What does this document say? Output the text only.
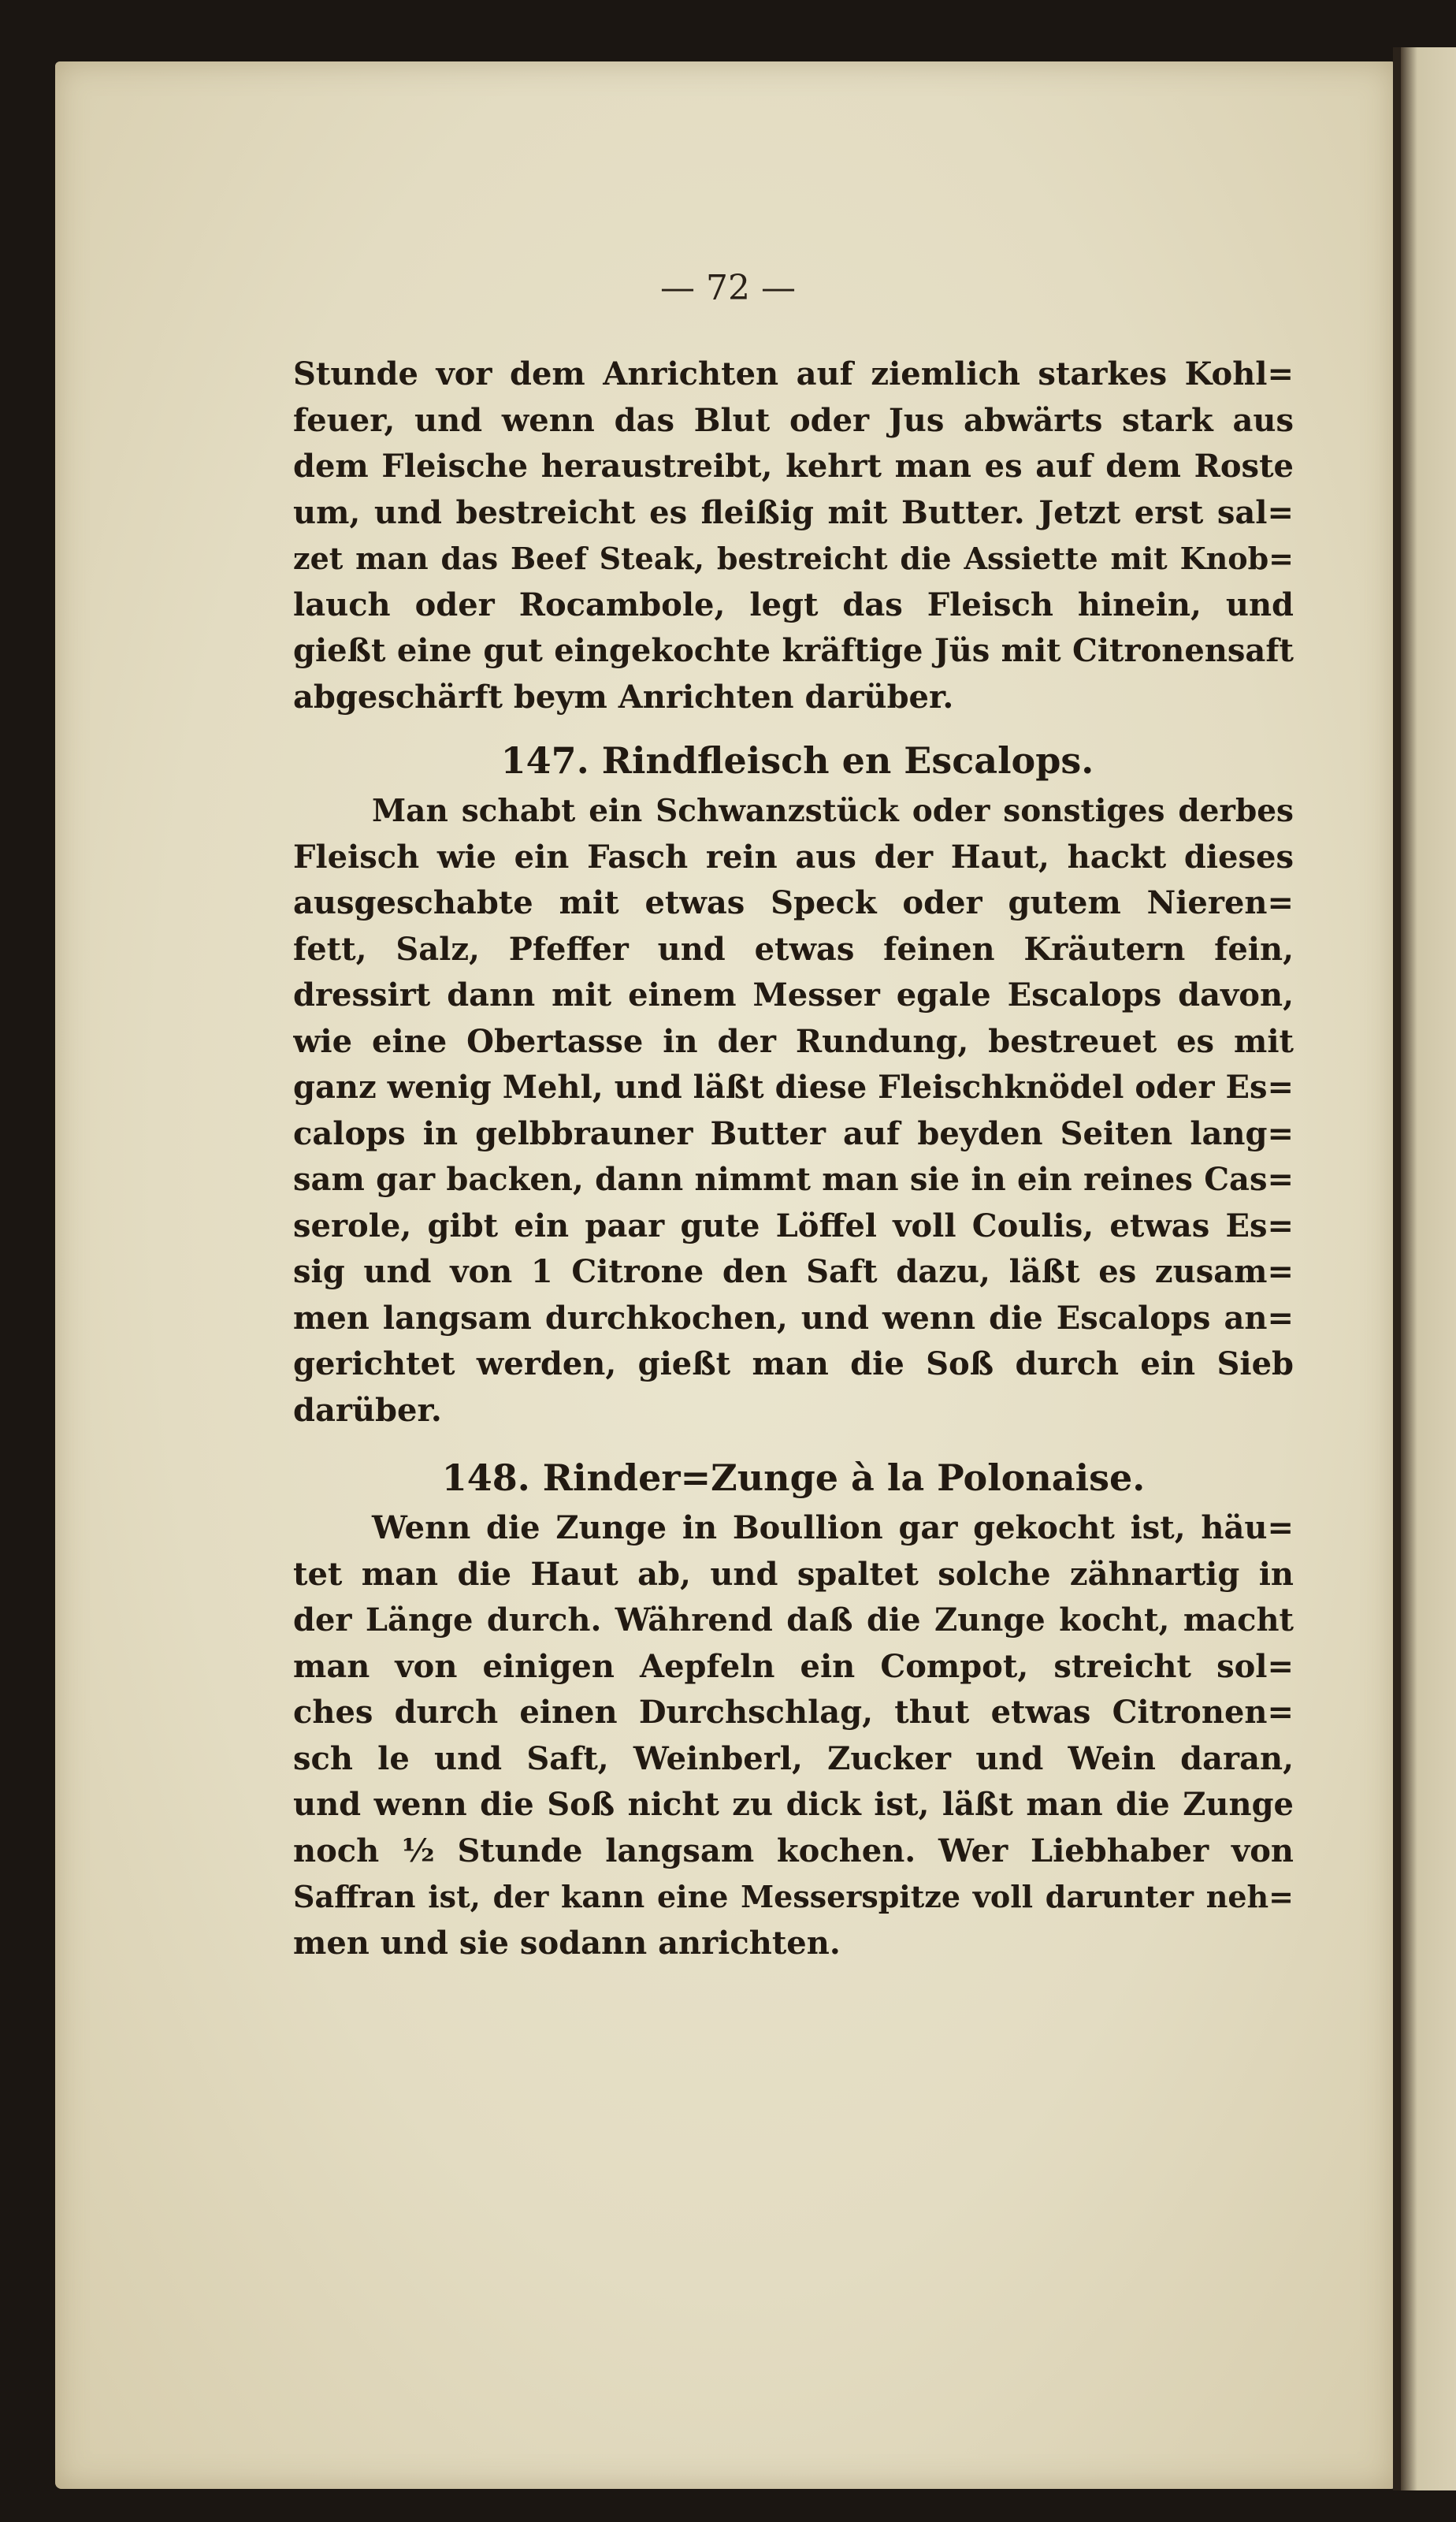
— 72 —
Stunde vor dem Anrichten auf ziemlich starkes Kohl=
feuer, und wenn das Blut oder Jus abwärts stark aus
dem Fleische heraustreibt, kehrt man es auf dem Roste
um, und bestreicht es fleißig mit Butter. Jetzt erst sal=
zet man das Beef Steak, bestreicht die Assiette mit Knob=
lauch oder Rocambole, legt das Fleisch hinein, und
gießt eine gut eingekochte kräftige Jüs mit Citronensaft
abgeschärft beym Anrichten darüber.
147. Rindfleisch en Escalops.
Man schabt ein Schwanzstück oder sonstiges derbes
Fleisch wie ein Fasch rein aus der Haut, hackt dieses
ausgeschabte mit etwas Speck oder gutem Nieren=
fett, Salz, Pfeffer und etwas feinen Kräutern fein,
dressirt dann mit einem Messer egale Escalops davon,
wie eine Obertasse in der Rundung, bestreuet es mit
ganz wenig Mehl, und läßt diese Fleischknödel oder Es=
calops in gelbbrauner Butter auf beyden Seiten lang=
sam gar backen, dann nimmt man sie in ein reines Cas=
serole, gibt ein paar gute Löffel voll Coulis, etwas Es=
sig und von 1 Citrone den Saft dazu, läßt es zusam=
men langsam durchkochen, und wenn die Escalops an=
gerichtet werden, gießt man die Soß durch ein Sieb
darüber.
148. Rinder=Zunge à la Polonaise.
Wenn die Zunge in Boullion gar gekocht ist, häu=
tet man die Haut ab, und spaltet solche zähnartig in
der Länge durch. Während daß die Zunge kocht, macht
man von einigen Aepfeln ein Compot, streicht sol=
ches durch einen Durchschlag, thut etwas Citronen=
sch le und Saft, Weinberl, Zucker und Wein daran,
und wenn die Soß nicht zu dick ist, läßt man die Zunge
noch ½ Stunde langsam kochen. Wer Liebhaber von
Saffran ist, der kann eine Messerspitze voll darunter neh=
men und sie sodann anrichten.
